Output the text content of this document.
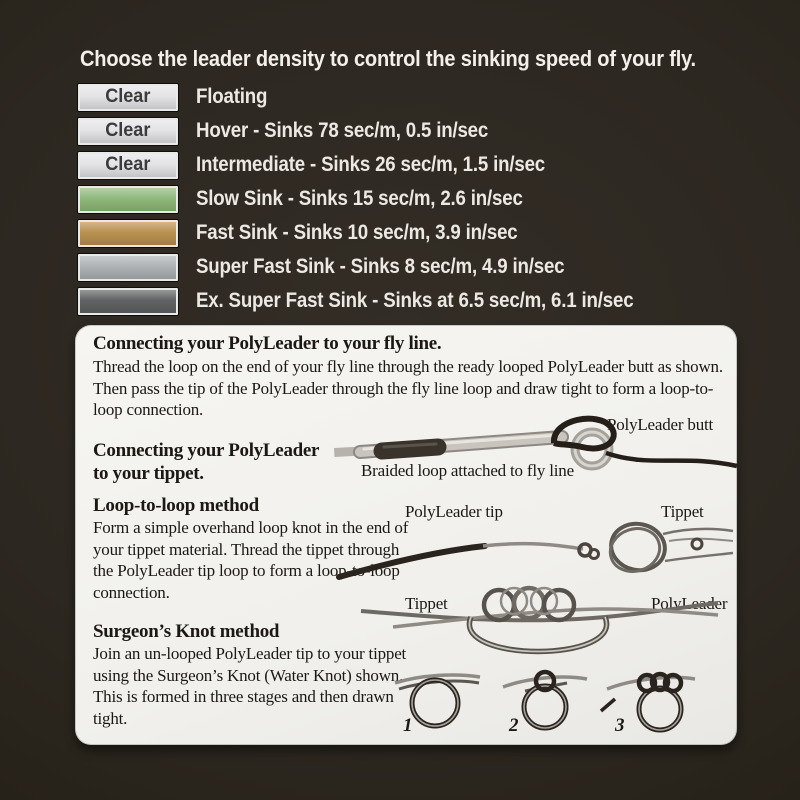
Choose the leader density to control the sinking speed of your fly.
Clear Floating
Clear Hover - Sinks 78 sec/m, 0.5 in/sec
Clear Intermediate - Sinks 26 sec/m, 1.5 in/sec
Slow Sink - Sinks 15 sec/m, 2.6 in/sec
Fast Sink - Sinks 10 sec/m, 3.9 in/sec
Super Fast Sink - Sinks 8 sec/m, 4.9 in/sec
Ex. Super Fast Sink - Sinks at 6.5 sec/m, 6.1 in/sec
Connecting your PolyLeader to your fly line.
Thread the loop on the end of your fly line through the ready looped PolyLeader butt as shown. Then pass the tip of the PolyLeader through the fly line loop and draw tight to form a loop-to-loop connection.
PolyLeader butt
Braided loop attached to fly line
Connecting your PolyLeader
to your tippet.
Loop-to-loop method
Form a simple overhand loop knot in the end of your tippet material. Thread the tippet through the PolyLeader tip loop to form a loop-to-loop connection.
PolyLeader tip	Tippet
Tippet	PolyLeader
Surgeon’s Knot method
Join an un-looped PolyLeader tip to your tippet using the Surgeon’s Knot (Water Knot) shown. This is formed in three stages and then drawn tight.	1	2	3
